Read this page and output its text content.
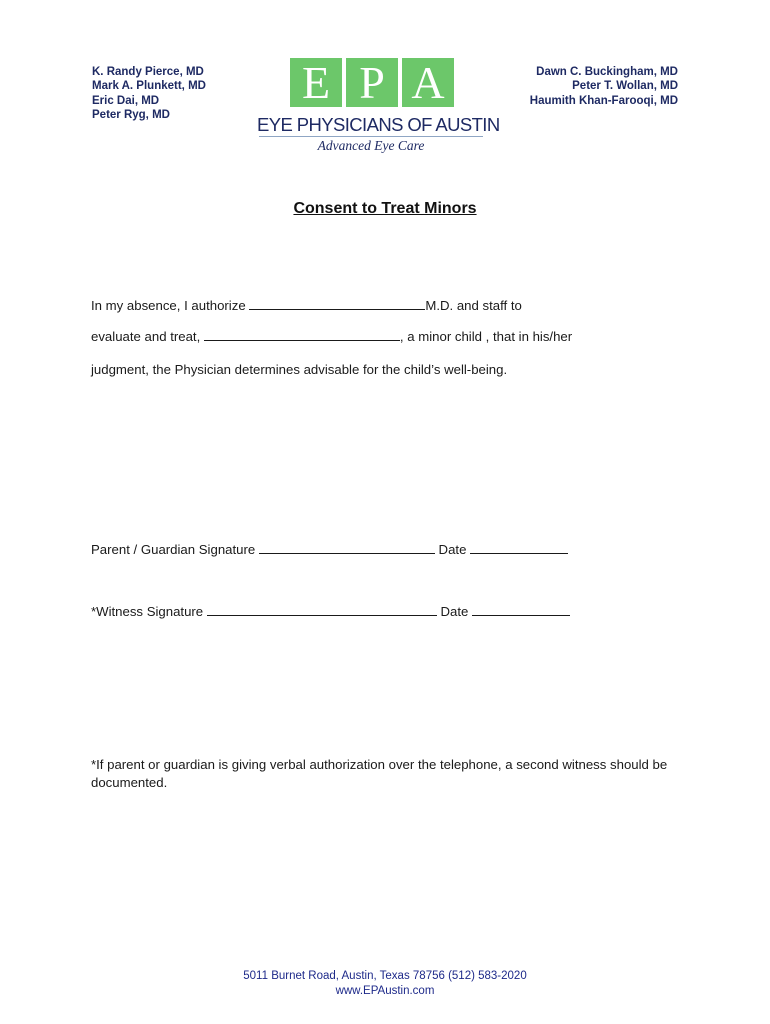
K. Randy Pierce, MD
Mark A. Plunkett, MD
Eric Dai, MD
Peter Ryg, MD
E P A
EYE PHYSICIANS OF AUSTIN
Advanced Eye Care
Dawn C. Buckingham, MD
Peter T. Wollan, MD
Haumith Khan-Farooqi, MD
Consent to Treat Minors
In my absence, I authorize	M.D. and staff to
evaluate and treat,	, a minor child , that in his/her
judgment, the Physician determines advisable for the child’s well-being.
Parent / Guardian Signature	Date
*Witness Signature	Date
*If parent or guardian is giving verbal authorization over the telephone, a second witness should be documented.
5011 Burnet Road, Austin, Texas 78756 (512) 583-2020
www.EPAustin.com
